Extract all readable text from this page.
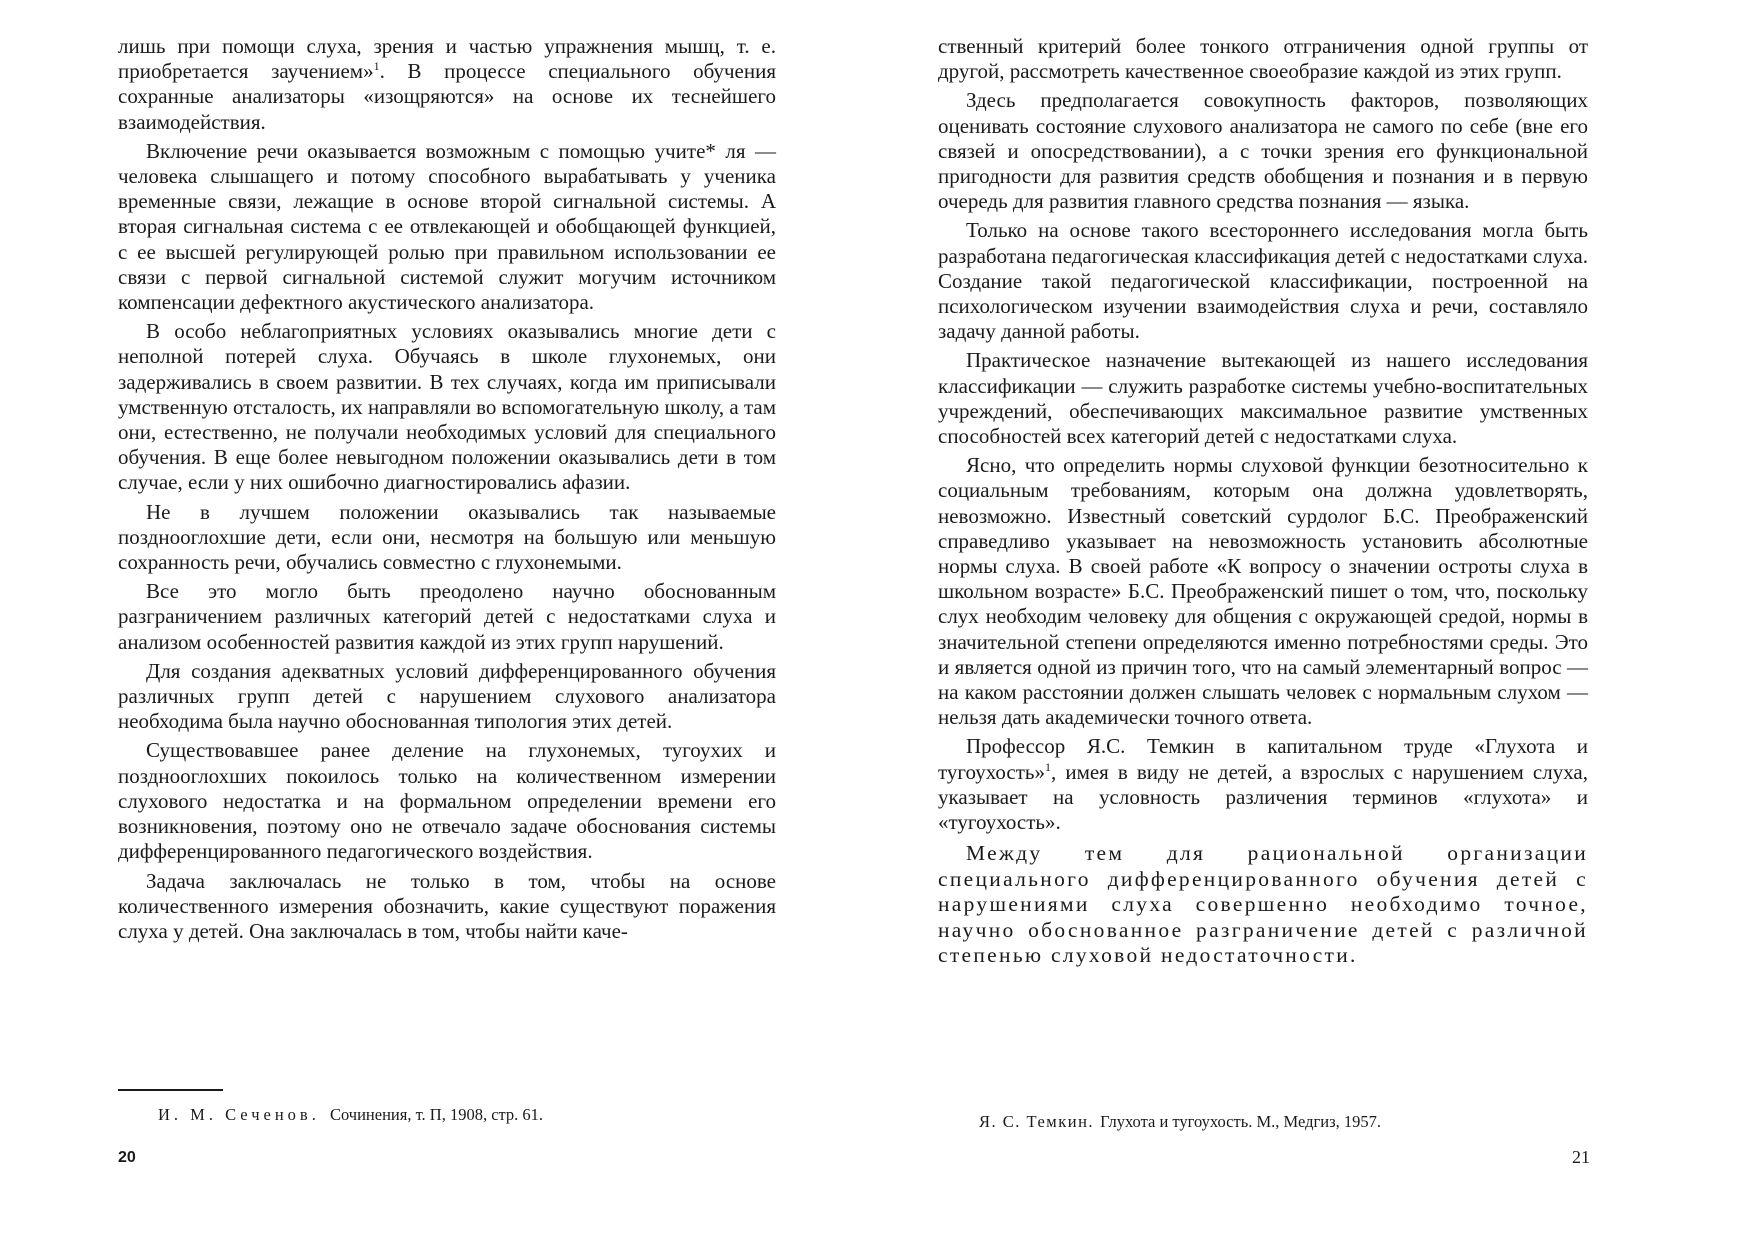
лишь при помощи слуха, зрения и частью упражнения мышц, т. е. приобретается заучением»$^1$. В процессе специального обучения сохранные анализаторы «изощряются» на основе их теснейшего взаимодействия.

Включение речи оказывается возможным с помощью учите* ля — человека слышащего и потому способного вырабатывать у ученика временные связи, лежащие в основе второй сигнальной системы. А вторая сигнальная система с ее отвлекающей и обобщающей функцией, с ее высшей регулирующей ролью при правильном использовании ее связи с первой сигнальной системой служит могучим источником компенсации дефектного акустического анализатора.

В особо неблагоприятных условиях оказывались многие дети с неполной потерей слуха. Обучаясь в школе глухонемых, они задерживались в своем развитии. В тех случаях, когда им приписывали умственную отсталость, их направляли во вспомогательную школу, а там они, естественно, не получали необходимых условий для специального обучения. В еще более невыгодном положении оказывались дети в том случае, если у них ошибочно диагностировались афазии.

Не в лучшем положении оказывались так называемые позднооглохшие дети, если они, несмотря на большую или меньшую сохранность речи, обучались совместно с глухонемыми.

Все это могло быть преодолено научно обоснованным разграничением различных категорий детей с недостатками слуха и анализом особенностей развития каждой из этих групп нарушений.

Для создания адекватных условий дифференцированного обучения различных групп детей с нарушением слухового анализатора необходима была научно обоснованная типология этих детей.

Существовавшее ранее деление на глухонемых, тугоухих и позднооглохших покоилось только на количественном измерении слухового недостатка и на формальном определении времени его возникновения, поэтому оно не отвечало задаче обоснования системы дифференцированного педагогического воздействия.

Задача заключалась не только в том, чтобы на основе количественного измерения обозначить, какие существуют поражения слуха у детей. Она заключалась в том, чтобы найти каче-

И. М. Сеченов. Сочинения, т. П, 1908, стр. 61.
20

ственный критерий более тонкого отграничения одной группы от другой, рассмотреть качественное своеобразие каждой из этих групп.

Здесь предполагается совокупность факторов, позволяющих оценивать состояние слухового анализатора не самого по себе (вне его связей и опосредствовании), а с точки зрения его функциональной пригодности для развития средств обобщения и познания и в первую очередь для развития главного средства познания — языка.

Только на основе такого всестороннего исследования могла быть разработана педагогическая классификация детей с недостатками слуха. Создание такой педагогической классификации, построенной на психологическом изучении взаимодействия слуха и речи, составляло задачу данной работы.

Практическое назначение вытекающей из нашего исследования классификации — служить разработке системы учебно-воспитательных учреждений, обеспечивающих максимальное развитие умственных способностей всех категорий детей с недостатками слуха.

Ясно, что определить нормы слуховой функции безотносительно к социальным требованиям, которым она должна удовлетворять, невозможно. Известный советский сурдолог Б.С. Преображенский справедливо указывает на невозможность установить абсолютные нормы слуха. В своей работе «К вопросу о значении остроты слуха в школьном возрасте» Б.С. Преображенский пишет о том, что, поскольку слух необходим человеку для общения с окружающей средой, нормы в значительной степени определяются именно потребностями среды. Это и является одной из причин того, что на самый элементарный вопрос — на каком расстоянии должен слышать человек с нормальным слухом — нельзя дать академически точного ответа.

Профессор Я.С. Темкин в капитальном труде «Глухота и тугоухость»$^1$, имея в виду не детей, а взрослых с нарушением слуха, указывает на условность различения терминов «глухота» и «тугоухость».

Между тем для рациональной организации специального дифференцированного обучения детей с нарушениями слуха совершенно необходимо точное, научно обоснованное разграничение детей с различной степенью слуховой недостаточности.

Я. С. Темкин. Глухота и тугоухость. М., Медгиз, 1957.
21
